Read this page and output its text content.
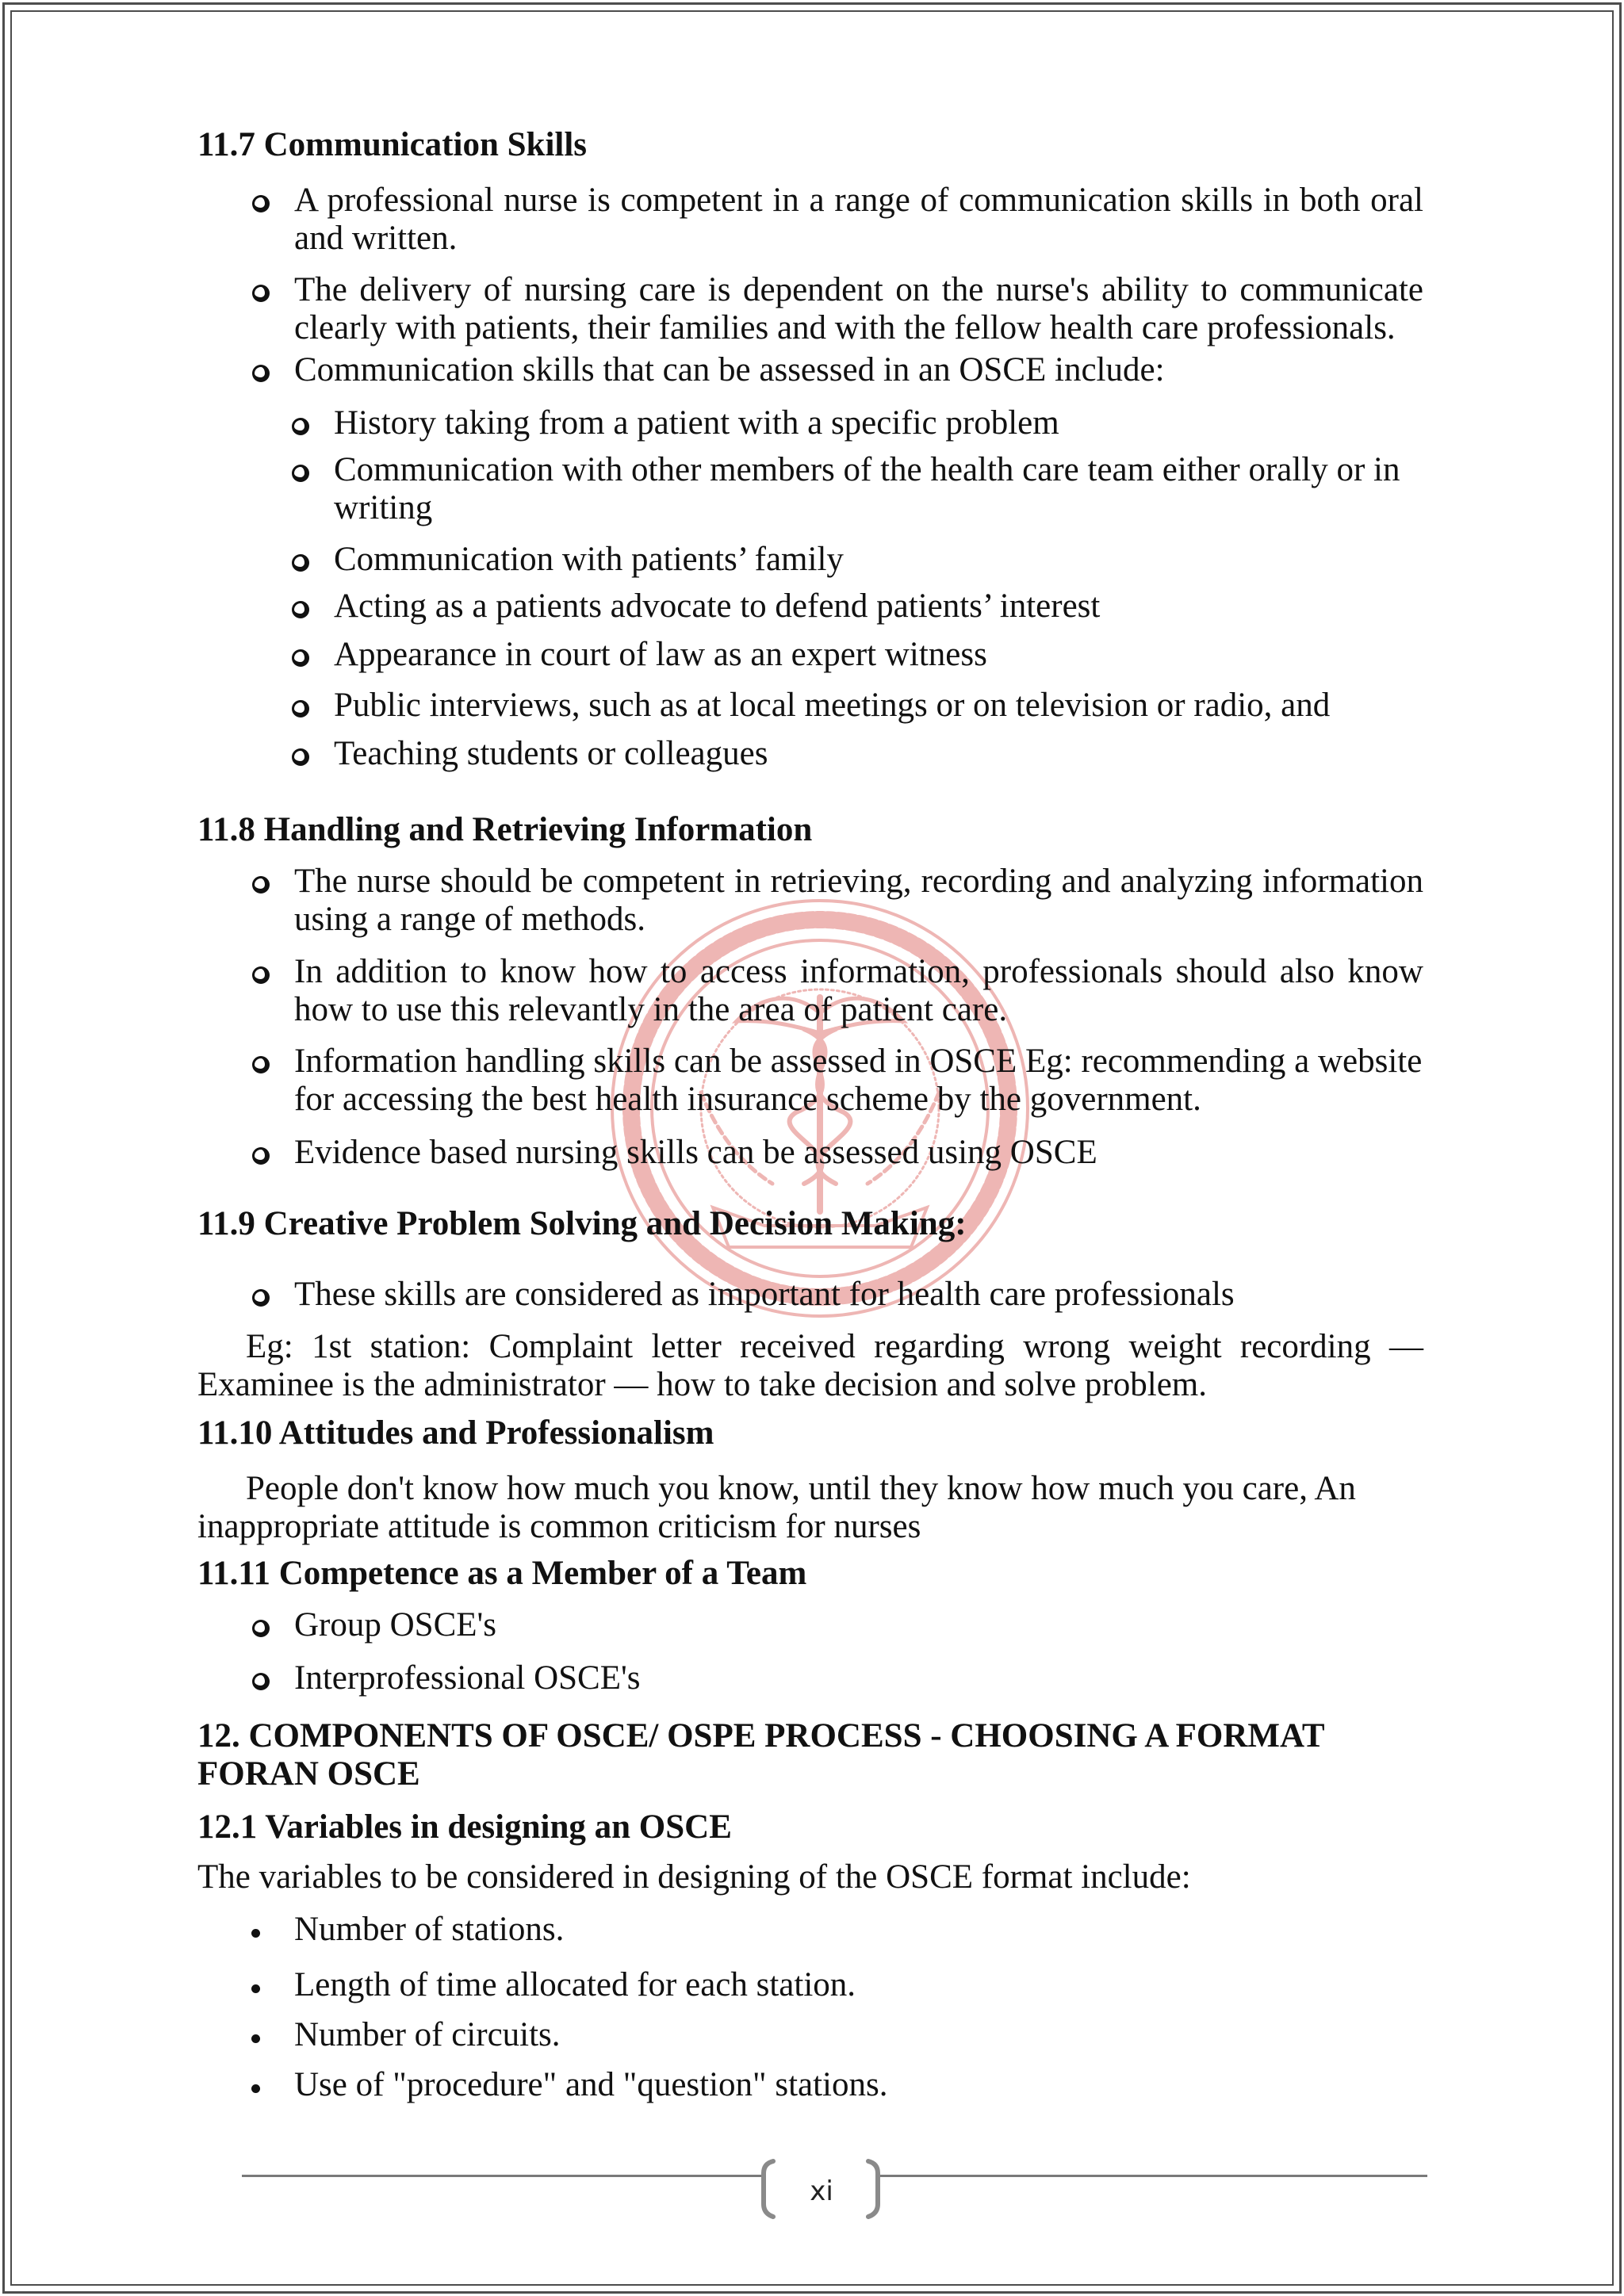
11.7 Communication Skills
A professional nurse is competent in a range of communication skills in both oral and written.
The delivery of nursing care is dependent on the nurse's ability to communicate clearly with patients, their families and with the fellow health care professionals.
Communication skills that can be assessed in an OSCE include:
History taking from a patient with a specific problem
Communication with other members of the health care team either orally or in writing
Communication with patients’ family
Acting as a patients advocate to defend patients’ interest
Appearance in court of law as an expert witness
Public interviews, such as at local meetings or on television or radio, and
Teaching students or colleagues
11.8 Handling and Retrieving Information
The nurse should be competent in retrieving, recording and analyzing information using a range of methods.
In addition to know how to access information, professionals should also know how to use this relevantly in the area of patient care.
Information handling skills can be assessed in OSCE Eg: recommending a website for accessing the best health insurance scheme by the government.
Evidence based nursing skills can be assessed using OSCE
11.9 Creative Problem Solving and Decision Making:
These skills are considered as important for health care professionals

Eg: 1st station: Complaint letter received regarding wrong weight recording — Examinee is the administrator — how to take decision and solve problem.

11.10 Attitudes and Professionalism

People don't know how much you know, until they know how much you care, An inappropriate attitude is common criticism for nurses

11.11 Competence as a Member of a Team
Group OSCE's
Interprofessional OSCE's
12. COMPONENTS OF OSCE/ OSPE PROCESS - CHOOSING A FORMAT FORAN OSCE
12.1 Variables in designing an OSCE

The variables to be considered in designing of the OSCE format include:

Number of stations.
Length of time allocated for each station.
Number of circuits.
Use of "procedure" and "question" stations.
xi
